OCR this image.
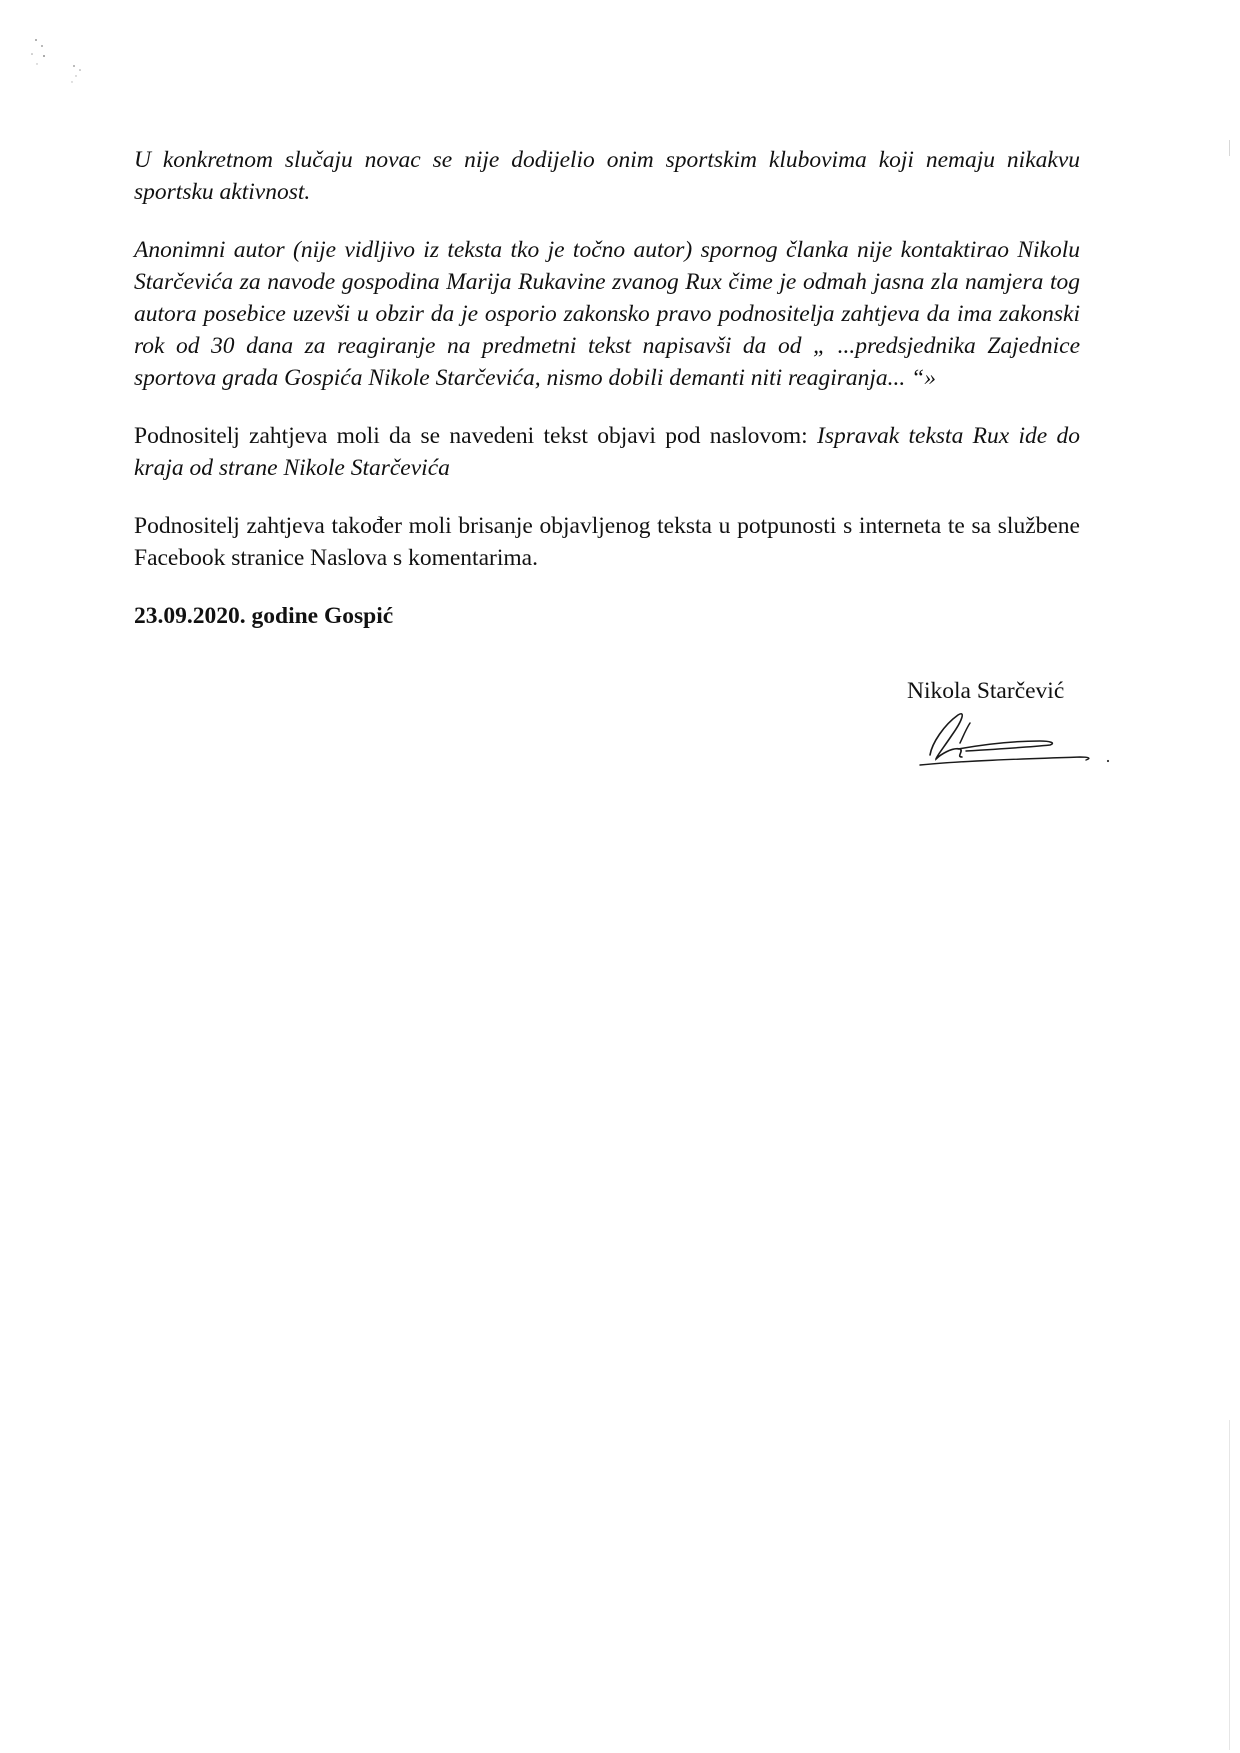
U konkretnom slučaju novac se nije dodijelio onim sportskim klubovima koji nemaju nikakvu sportsku aktivnost.

Anonimni autor (nije vidljivo iz teksta tko je točno autor) spornog članka nije kontaktirao Nikolu Starčevića za navode gospodina Marija Rukavine zvanog Rux čime je odmah jasna zla namjera tog autora posebice uzevši u obzir da je osporio zakonsko pravo podnositelja zahtjeva da ima zakonski rok od 30 dana za reagiranje na predmetni tekst napisavši da od „ ...predsjednika Zajednice sportova grada Gospića Nikole Starčevića, nismo dobili demanti niti reagiranja... “»

Podnositelj zahtjeva moli da se navedeni tekst objavi pod naslovom: Ispravak teksta Rux ide do kraja od strane Nikole Starčevića

Podnositelj zahtjeva također moli brisanje objavljenog teksta u potpunosti s interneta te sa službene Facebook stranice Naslova s komentarima.

23.09.2020. godine Gospić

Nikola Starčević
